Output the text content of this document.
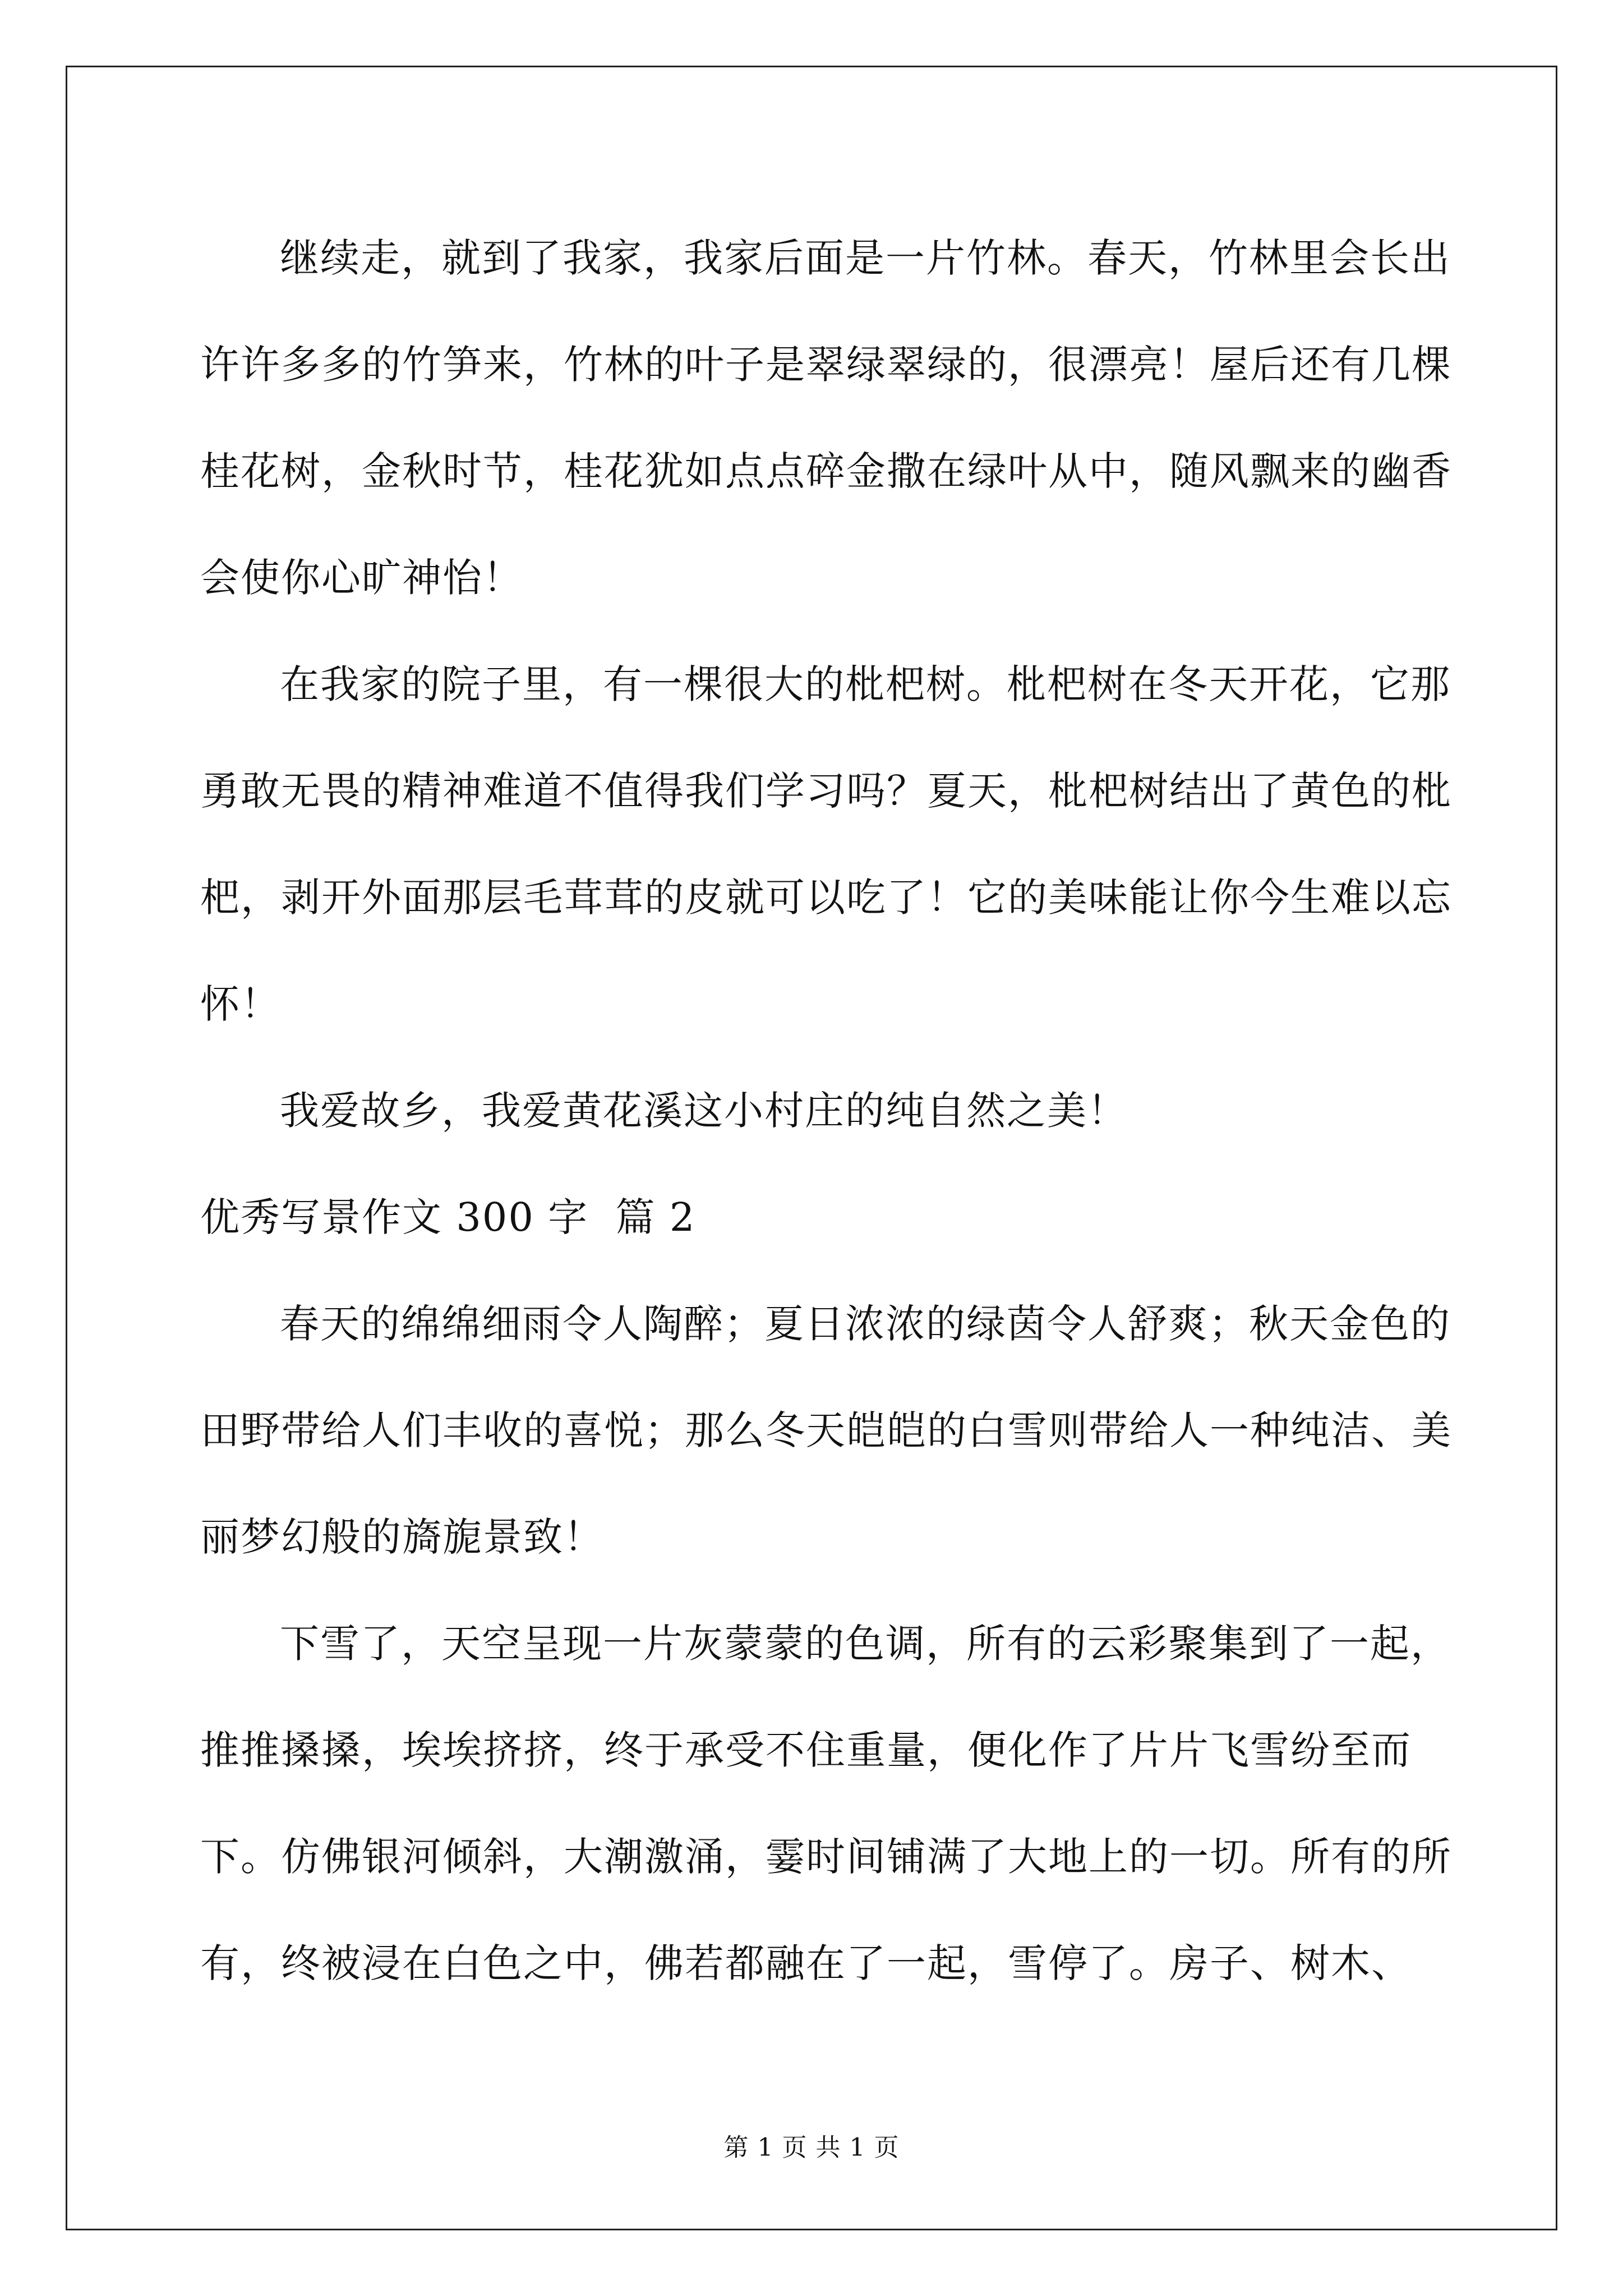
继续走，就到了我家，我家后面是一片竹林。春天，竹林里会长出许许多多的竹笋来，竹林的叶子是翠绿翠绿的，很漂亮！屋后还有几棵桂花树，金秋时节，桂花犹如点点碎金撒在绿叶从中，随风飘来的幽香会使你心旷神怡！

在我家的院子里，有一棵很大的枇杷树。枇杷树在冬天开花，它那勇敢无畏的精神难道不值得我们学习吗？夏天，枇杷树结出了黄色的枇杷，剥开外面那层毛茸茸的皮就可以吃了！它的美味能让你今生难以忘怀！

我爱故乡，我爱黄花溪这小村庄的纯自然之美！

优秀写景作文 300 字  篇 2

春天的绵绵细雨令人陶醉；夏日浓浓的绿茵令人舒爽；秋天金色的田野带给人们丰收的喜悦；那么冬天皑皑的白雪则带给人一种纯洁、美丽梦幻般的旖旎景致！

下雪了，天空呈现一片灰蒙蒙的色调，所有的云彩聚集到了一起，推推搡搡，埃埃挤挤，终于承受不住重量，便化作了片片飞雪纷至而下。仿佛银河倾斜，大潮激涌，霎时间铺满了大地上的一切。所有的所有，终被浸在白色之中，佛若都融在了一起，雪停了。房子、树木、

第 1 页 共 1 页
